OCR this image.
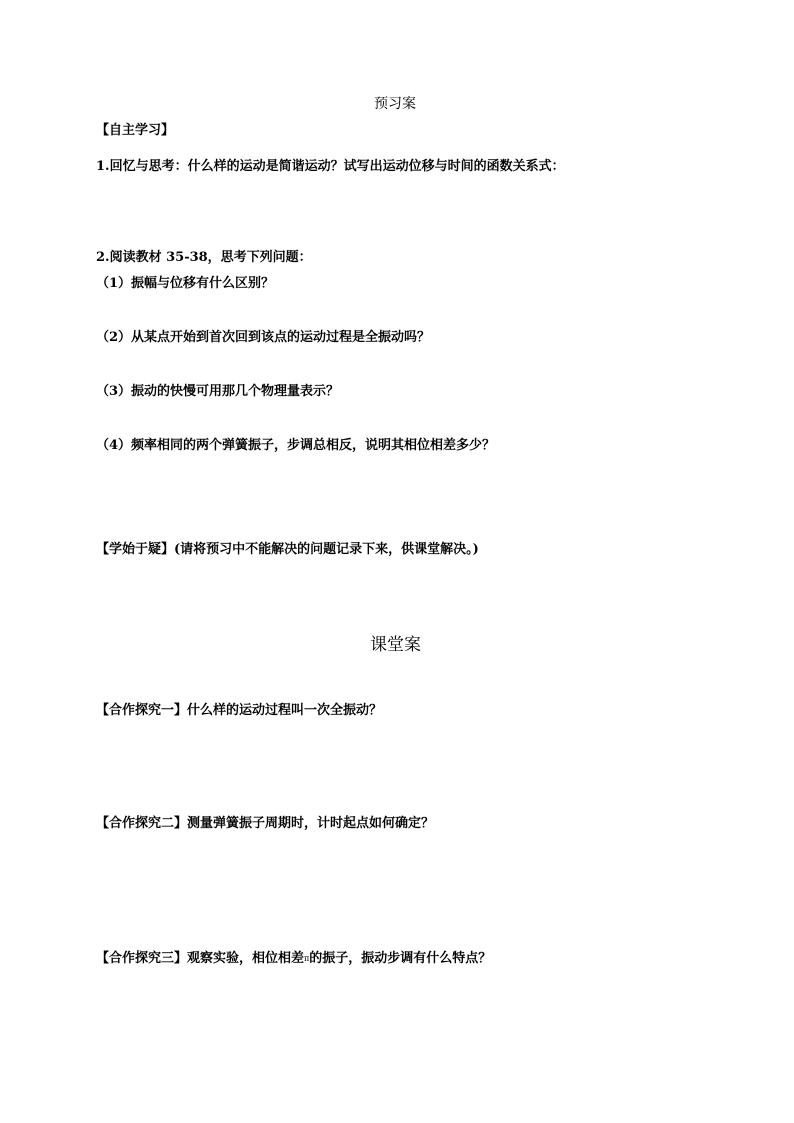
预习案
【自主学习】
1.回忆与思考：什么样的运动是简谐运动？试写出运动位移与时间的函数关系式：
2.阅读教材 35-38，思考下列问题：
（1）振幅与位移有什么区别？
（2）从某点开始到首次回到该点的运动过程是全振动吗？
（3）振动的快慢可用那几个物理量表示？
（4）频率相同的两个弹簧振子，步调总相反，说明其相位相差多少？
【学始于疑】(请将预习中不能解决的问题记录下来，供课堂解决。)
课堂案
【合作探究一】什么样的运动过程叫一次全振动？
【合作探究二】测量弹簧振子周期时，计时起点如何确定？
【合作探究三】观察实验，相位相差π的振子，振动步调有什么特点？
